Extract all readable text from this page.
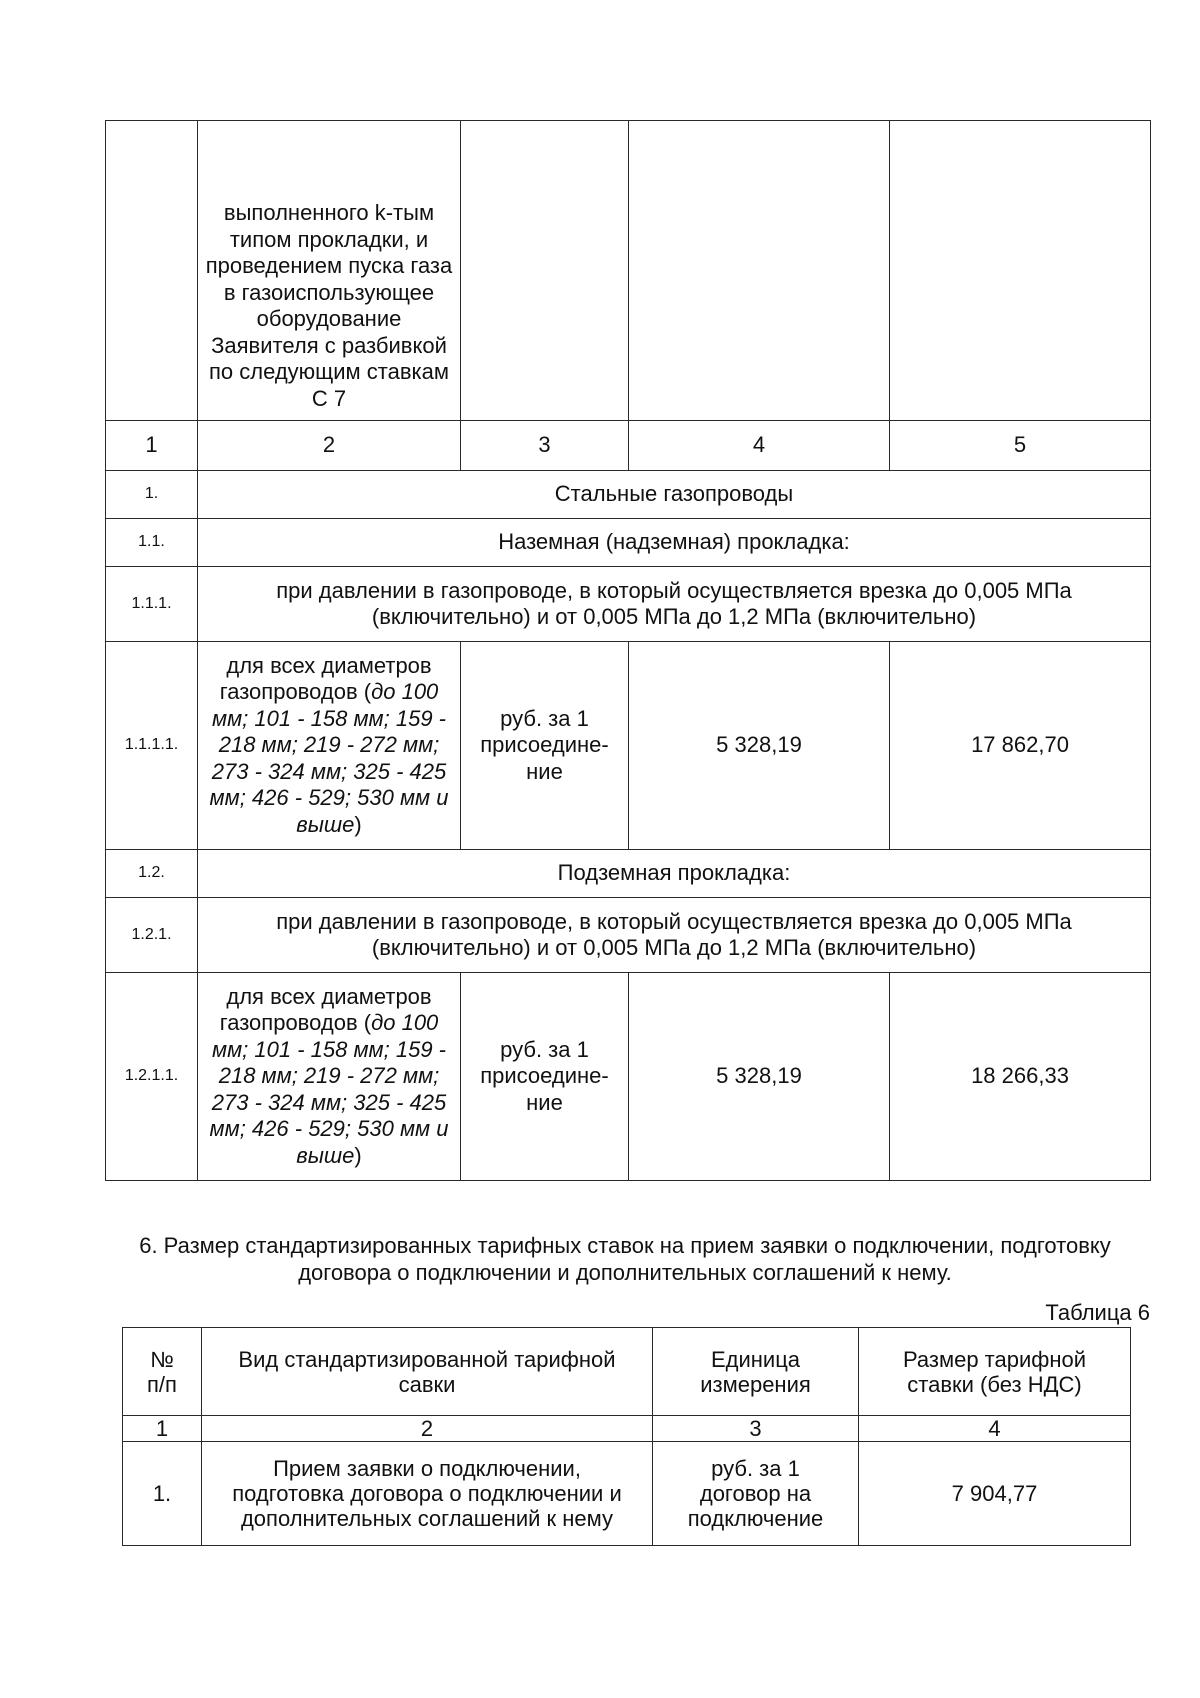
	выполненного k-тым типом прокладки, и проведением пуска газа в газоиспользующее оборудование Заявителя с разбивкой по следующим ставкам С 7			
1	2	3	4	5
1.	Стальные газопроводы			
1.1.	Наземная (надземная) прокладка:			
1.1.1.	при давлении в газопроводе, в который осуществляется врезка до 0,005 МПа (включительно) и от 0,005 МПа до 1,2 МПа (включительно)			
1.1.1.1.	для всех диаметров газопроводов (до 100 мм; 101 - 158 мм; 159 - 218 мм; 219 - 272 мм; 273 - 324 мм; 325 - 425 мм; 426 - 529; 530 мм и выше)	руб. за 1 присоедине-ние	5 328,19	17 862,70
1.2.	Подземная прокладка:			
1.2.1.	при давлении в газопроводе, в который осуществляется врезка до 0,005 МПа (включительно) и от 0,005 МПа до 1,2 МПа (включительно)			
1.2.1.1.	для всех диаметров газопроводов (до 100 мм; 101 - 158 мм; 159 - 218 мм; 219 - 272 мм; 273 - 324 мм; 325 - 425 мм; 426 - 529; 530 мм и выше)	руб. за 1 присоедине-ние	5 328,19	18 266,33
6. Размер стандартизированных тарифных ставок на прием заявки о подключении, подготовку договора о подключении и дополнительных соглашений к нему.
Таблица 6
№ п/п	Вид стандартизированной тарифной савки	Единица измерения	Размер тарифной ставки (без НДС)
1	2	3	4
1.	Прием заявки о подключении, подготовка договора о подключении и дополнительных соглашений к нему	руб. за 1 договор на подключение	7 904,77
